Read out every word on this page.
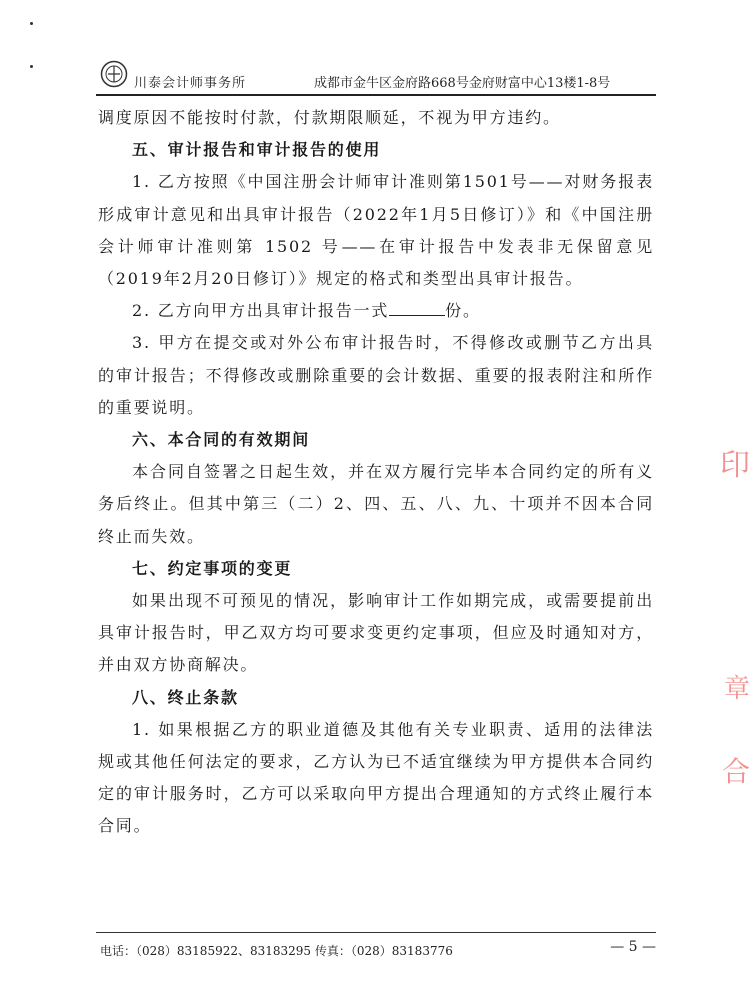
川泰会计师事务所	成都市金牛区金府路668号金府财富中心13楼1-8号

调度原因不能按时付款，付款期限顺延，不视为甲方违约。

五、审计报告和审计报告的使用

1. 乙方按照《中国注册会计师审计准则第1501号——对财务报表形成审计意见和出具审计报告（2022年1月5日修订）》和《中国注册会计师审计准则第 1502 号——在审计报告中发表非无保留意见（2019年2月20日修订）》规定的格式和类型出具审计报告。

2. 乙方向甲方出具审计报告一式	份。

3. 甲方在提交或对外公布审计报告时，不得修改或删节乙方出具的审计报告；不得修改或删除重要的会计数据、重要的报表附注和所作的重要说明。

六、本合同的有效期间

本合同自签署之日起生效，并在双方履行完毕本合同约定的所有义务后终止。但其中第三（二）2、四、五、八、九、十项并不因本合同终止而失效。

七、约定事项的变更

如果出现不可预见的情况，影响审计工作如期完成，或需要提前出具审计报告时，甲乙双方均可要求变更约定事项，但应及时通知对方，并由双方协商解决。

八、终止条款

1. 如果根据乙方的职业道德及其他有关专业职责、适用的法律法规或其他任何法定的要求，乙方认为已不适宜继续为甲方提供本合同约定的审计服务时，乙方可以采取向甲方提出合理通知的方式终止履行本合同。

印
章
合
电话：（028）83185922、83183295 传真：（028）83183776	— 5 —
